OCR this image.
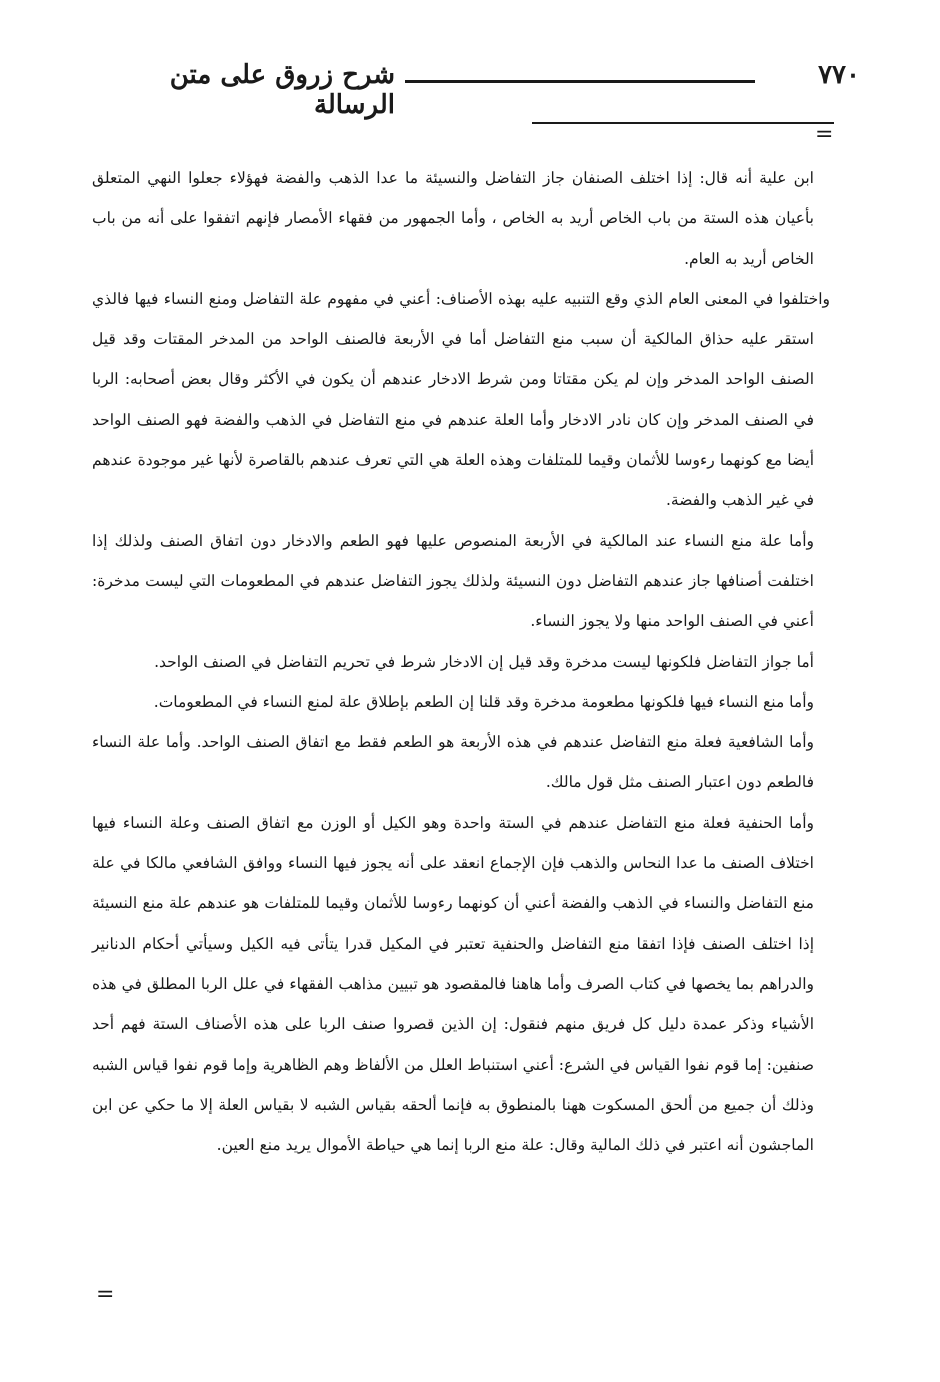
٧٧٠
شرح زروق على متن الرسالة
=

ابن علية أنه قال: إذا اختلف الصنفان جاز التفاضل والنسيئة ما عدا الذهب والفضة فهؤلاء جعلوا النهي المتعلق بأعيان هذه الستة من باب الخاص أريد به الخاص ، وأما الجمهور من فقهاء الأمصار فإنهم اتفقوا على أنه من باب الخاص أريد به العام.

واختلفوا في المعنى العام الذي وقع التنبيه عليه بهذه الأصناف: أعني في مفهوم علة التفاضل ومنع النساء فيها فالذي استقر عليه حذاق المالكية أن سبب منع التفاضل أما في الأربعة فالصنف الواحد من المدخر المقتات وقد قيل الصنف الواحد المدخر وإن لم يكن مقتاتا ومن شرط الادخار عندهم أن يكون في الأكثر وقال بعض أصحابه: الربا في الصنف المدخر وإن كان نادر الادخار وأما العلة عندهم في منع التفاضل في الذهب والفضة فهو الصنف الواحد أيضا مع كونهما رءوسا للأثمان وقيما للمتلفات وهذه العلة هي التي تعرف عندهم بالقاصرة لأنها غير موجودة عندهم في غير الذهب والفضة.

وأما علة منع النساء عند المالكية في الأربعة المنصوص عليها فهو الطعم والادخار دون اتفاق الصنف ولذلك إذا اختلفت أصنافها جاز عندهم التفاضل دون النسيئة ولذلك يجوز التفاضل عندهم في المطعومات التي ليست مدخرة: أعني في الصنف الواحد منها ولا يجوز النساء.

أما جواز التفاضل فلكونها ليست مدخرة وقد قيل إن الادخار شرط في تحريم التفاضل في الصنف الواحد.

وأما منع النساء فيها فلكونها مطعومة مدخرة وقد قلنا إن الطعم بإطلاق علة لمنع النساء في المطعومات.

وأما الشافعية فعلة منع التفاضل عندهم في هذه الأربعة هو الطعم فقط مع اتفاق الصنف الواحد. وأما علة النساء فالطعم دون اعتبار الصنف مثل قول مالك.

وأما الحنفية فعلة منع التفاضل عندهم في الستة واحدة وهو الكيل أو الوزن مع اتفاق الصنف وعلة النساء فيها اختلاف الصنف ما عدا النحاس والذهب فإن الإجماع انعقد على أنه يجوز فيها النساء ووافق الشافعي مالكا في علة منع التفاضل والنساء في الذهب والفضة أعني أن كونهما رءوسا للأثمان وقيما للمتلفات هو عندهم علة منع النسيئة إذا اختلف الصنف فإذا اتفقا منع التفاضل والحنفية تعتبر في المكيل قدرا يتأتى فيه الكيل وسيأتي أحكام الدنانير والدراهم بما يخصها في كتاب الصرف وأما هاهنا فالمقصود هو تبيين مذاهب الفقهاء في علل الربا المطلق في هذه الأشياء وذكر عمدة دليل كل فريق منهم فنقول: إن الذين قصروا صنف الربا على هذه الأصناف الستة فهم أحد صنفين: إما قوم نفوا القياس في الشرع: أعني استنباط العلل من الألفاظ وهم الظاهرية وإما قوم نفوا قياس الشبه وذلك أن جميع من ألحق المسكوت ههنا بالمنطوق به فإنما ألحقه بقياس الشبه لا بقياس العلة إلا ما حكي عن ابن الماجشون أنه اعتبر في ذلك المالية وقال: علة منع الربا إنما هي حياطة الأموال يريد منع العين.

=
